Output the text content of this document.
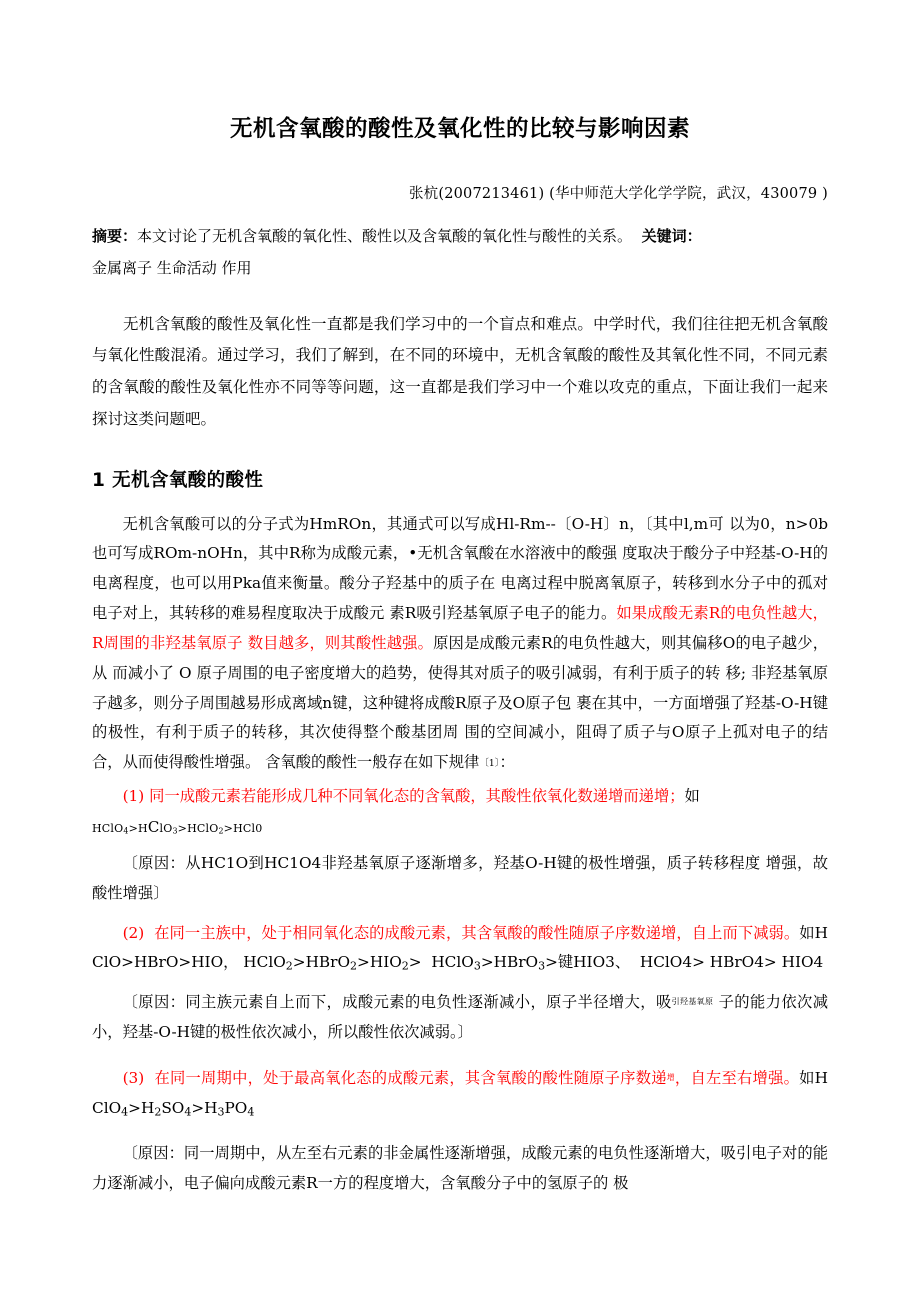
无机含氧酸的酸性及氧化性的比较与影响因素
张杭(2007213461) (华中师范大学化学学院，武汉，430079 )
摘要：本文讨论了无机含氧酸的氧化性、酸性以及含氧酸的氧化性与酸性的关系。 关键词：
金属离子 生命活动 作用

无机含氧酸的酸性及氧化性一直都是我们学习中的一个盲点和难点。中学时代，我们往往把无机含氧酸与氧化性酸混淆。通过学习，我们了解到，在不同的环境中，无机含氧酸的酸性及其氧化性不同，不同元素的含氧酸的酸性及氧化性亦不同等等问题，这一直都是我们学习中一个难以攻克的重点，下面让我们一起来探讨这类问题吧。

1 无机含氧酸的酸性

无机含氧酸可以的分子式为HmROn，其通式可以写成Hl-Rm--〔O-H〕n，〔其中l,m可 以为0，n>0b也可写成ROm-nOHn，其中R称为成酸元素，•无机含氧酸在水溶液中的酸强 度取决于酸分子中羟基-O-H的电离程度，也可以用Pka值来衡量。酸分子羟基中的质子在 电离过程中脱离氧原子，转移到水分子中的孤对电子对上，其转移的难易程度取决于成酸元 素R吸引羟基氧原子电子的能力。如果成酸无素R的电负性越大，R周围的非羟基氧原子 数目越多，则其酸性越强。原因是成酸元素R的电负性越大，则其偏移O的电子越少，从 而减小了 O 原子周围的电子密度增大的趋势，使得其对质子的吸引减弱，有利于质子的转 移; 非羟基氧原子越多，则分子周围越易形成离域n键，这种键将成酸R原子及O原子包 裹在其中，一方面增强了羟基-O-H键的极性，有利于质子的转移，其次使得整个酸基团周 围的空间减小，阻碍了质子与O原子上孤对电子的结合，从而使得酸性增强。 含氧酸的酸性一般存在如下规律〔1〕：

(1) 同一成酸元素若能形成几种不同氧化态的含氧酸，其酸性依氧化数递增而递增；如

HClO$_4$>HClO$_3$>HClO$_2$>HCl0

〔原因：从HC1O到HC1O4非羟基氧原子逐渐增多，羟基O-H键的极性增强，质子转移程度 增强，故酸性增强〕

(2) 在同一主族中，处于相同氧化态的成酸元素，其含氧酸的酸性随原子序数递增，自上而下减弱。如H ClO>HBrO>HIO， $HClO_2>HBrO_2>HIO_2>$  HClO$_3$>HBrO$_3$>键HIO3、  HClO4> HBrO4> HIO4

〔原因：同主族元素自上而下，成酸元素的电负性逐渐减小，原子半径增大，吸$^{引羟基氧原}$ 子的能力依次减小，羟基-O-H键的极性依次减小，所以酸性依次减弱。〕

(3) 在同一周期中，处于最高氧化态的成酸元素，其含氧酸的酸性随原子序数递$^增$，自左至右增强。如H $ClO_4>H_2SO_4>H_3PO_4$

〔原因：同一周期中，从左至右元素的非金属性逐渐增强，成酸元素的电负性逐渐增大，吸引电子对的能力逐渐减小，电子偏向成酸元素R一方的程度增大，含氧酸分子中的氢原子的 极
